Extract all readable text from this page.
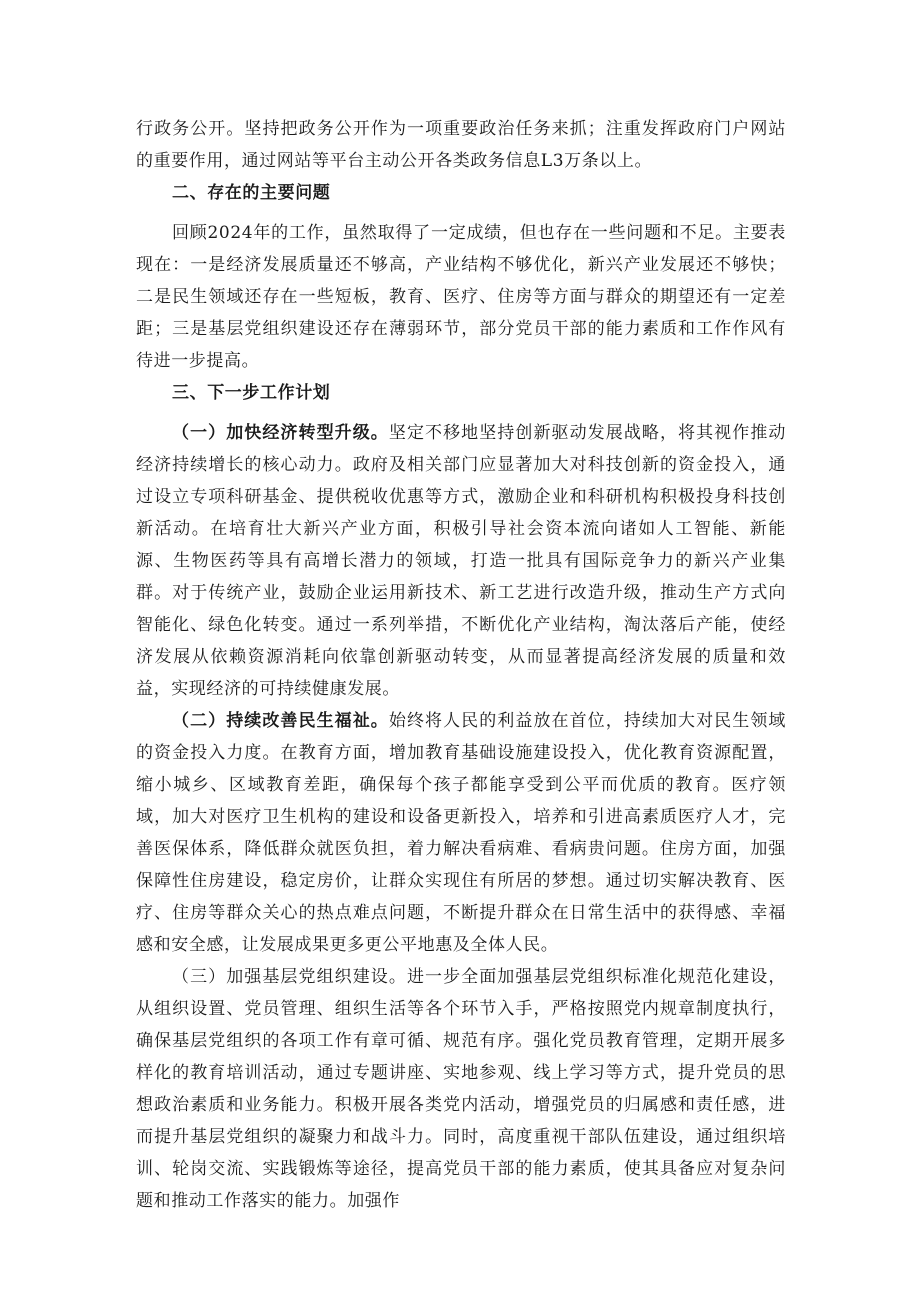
行政务公开。坚持把政务公开作为一项重要政治任务来抓；注重发挥政府门户网站的重要作用，通过网站等平台主动公开各类政务信息L3万条以上。

二、存在的主要问题

回顾2024年的工作，虽然取得了一定成绩，但也存在一些问题和不足。主要表现在：一是经济发展质量还不够高，产业结构不够优化，新兴产业发展还不够快；二是民生领域还存在一些短板，教育、医疗、住房等方面与群众的期望还有一定差距；三是基层党组织建设还存在薄弱环节，部分党员干部的能力素质和工作作风有待进一步提高。

三、下一步工作计划

（一）加快经济转型升级。坚定不移地坚持创新驱动发展战略，将其视作推动经济持续增长的核心动力。政府及相关部门应显著加大对科技创新的资金投入，通过设立专项科研基金、提供税收优惠等方式，激励企业和科研机构积极投身科技创新活动。在培育壮大新兴产业方面，积极引导社会资本流向诸如人工智能、新能源、生物医药等具有高增长潜力的领域，打造一批具有国际竞争力的新兴产业集群。对于传统产业，鼓励企业运用新技术、新工艺进行改造升级，推动生产方式向智能化、绿色化转变。通过一系列举措，不断优化产业结构，淘汰落后产能，使经济发展从依赖资源消耗向依靠创新驱动转变，从而显著提高经济发展的质量和效益，实现经济的可持续健康发展。

（二）持续改善民生福祉。始终将人民的利益放在首位，持续加大对民生领域的资金投入力度。在教育方面，增加教育基础设施建设投入，优化教育资源配置，缩小城乡、区域教育差距，确保每个孩子都能享受到公平而优质的教育。医疗领域，加大对医疗卫生机构的建设和设备更新投入，培养和引进高素质医疗人才，完善医保体系，降低群众就医负担，着力解决看病难、看病贵问题。住房方面，加强保障性住房建设，稳定房价，让群众实现住有所居的梦想。通过切实解决教育、医疗、住房等群众关心的热点难点问题，不断提升群众在日常生活中的获得感、幸福感和安全感，让发展成果更多更公平地惠及全体人民。

（三）加强基层党组织建设。进一步全面加强基层党组织标准化规范化建设，从组织设置、党员管理、组织生活等各个环节入手，严格按照党内规章制度执行，确保基层党组织的各项工作有章可循、规范有序。强化党员教育管理，定期开展多样化的教育培训活动，通过专题讲座、实地参观、线上学习等方式，提升党员的思想政治素质和业务能力。积极开展各类党内活动，增强党员的归属感和责任感，进而提升基层党组织的凝聚力和战斗力。同时，高度重视干部队伍建设，通过组织培训、轮岗交流、实践锻炼等途径，提高党员干部的能力素质，使其具备应对复杂问题和推动工作落实的能力。加强作
